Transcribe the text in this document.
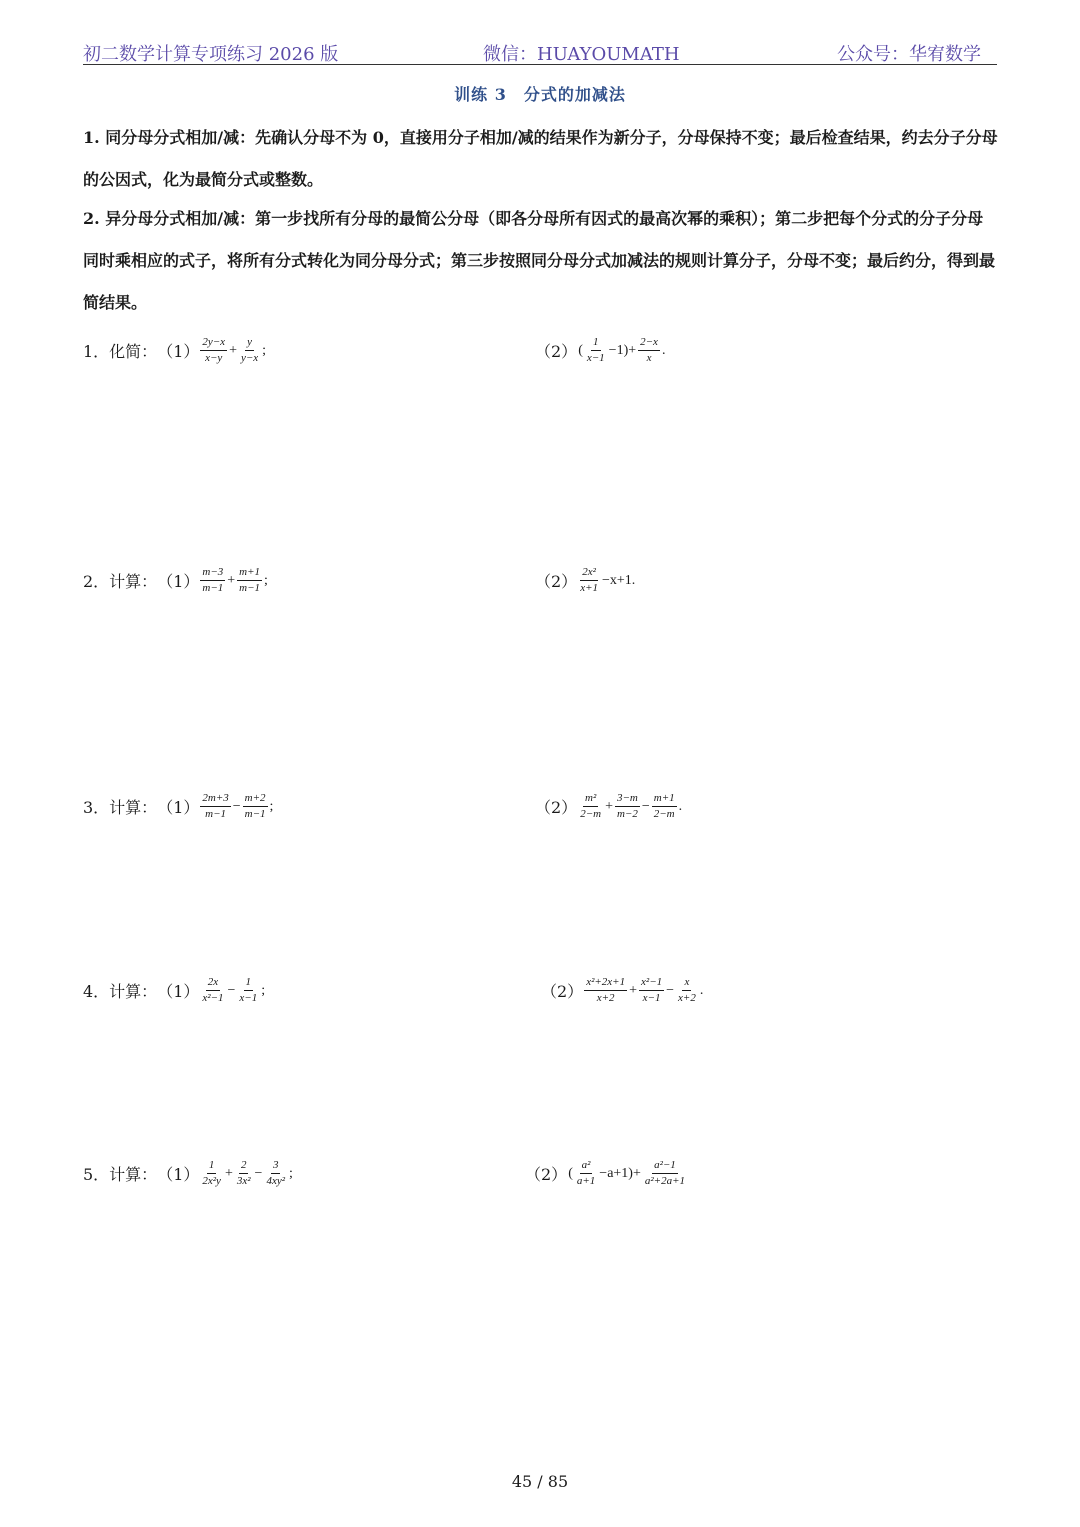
初二数学计算专项练习 2026 版	微信：HUAYOUMATH	公众号：华宥数学
训练 3　分式的加减法
1. 同分母分式相加/减：先确认分母不为 0，直接用分子相加/减的结果作为新分子，分母保持不变；最后检查结果，约去分子分母的公因式，化为最简分式或整数。
2. 异分母分式相加/减：第一步找所有分母的最简公分母（即各分母所有因式的最高次幂的乘积）；第二步把每个分式的分子分母同时乘相应的式子，将所有分式转化为同分母分式；第三步按照同分母分式加减法的规则计算分子，分母不变；最后约分，得到最简结果。
1．化简： $(1) \frac{2y-x}{x-y} + \frac{y}{y-x}$ ;	（2） ( $\frac{1}{x-1} -1)+ \frac{2-x}{x}$ .
2．计算： $(1) \frac{m-3}{m-1} + \frac{m+1}{m-1}$ ;	$(2) \frac{\text{2x²}}{x+1} -x+1$.
3．计算： $(1) \frac{2m+3}{m-1} - \frac{m+2}{m-1}$ ;	$(2) \frac{\text{m²}}{2-m} + \frac{3-m}{m-2} - \frac{m+1}{2-m}$ .
4．计算： $(1) \frac{2x}{\text{x²−1}} - \frac{1}{x-1}$ ;	$(2) \frac{\text{x²+2x+1}}{x+2} + \frac{\text{x²−1}}{x-1} - \frac{x}{x+2}$ .
5．计算： $(1) \frac{1}{\text{2x²y}} + \frac{2}{\text{3x²}} - \frac{3}{\text{4xy²}}$ ;	（2） ( $\frac{\text{a²}}{a+1} -a+1)+ \frac{\text{a²−1}}{\text{a²+2a+1}}$
45 / 85
